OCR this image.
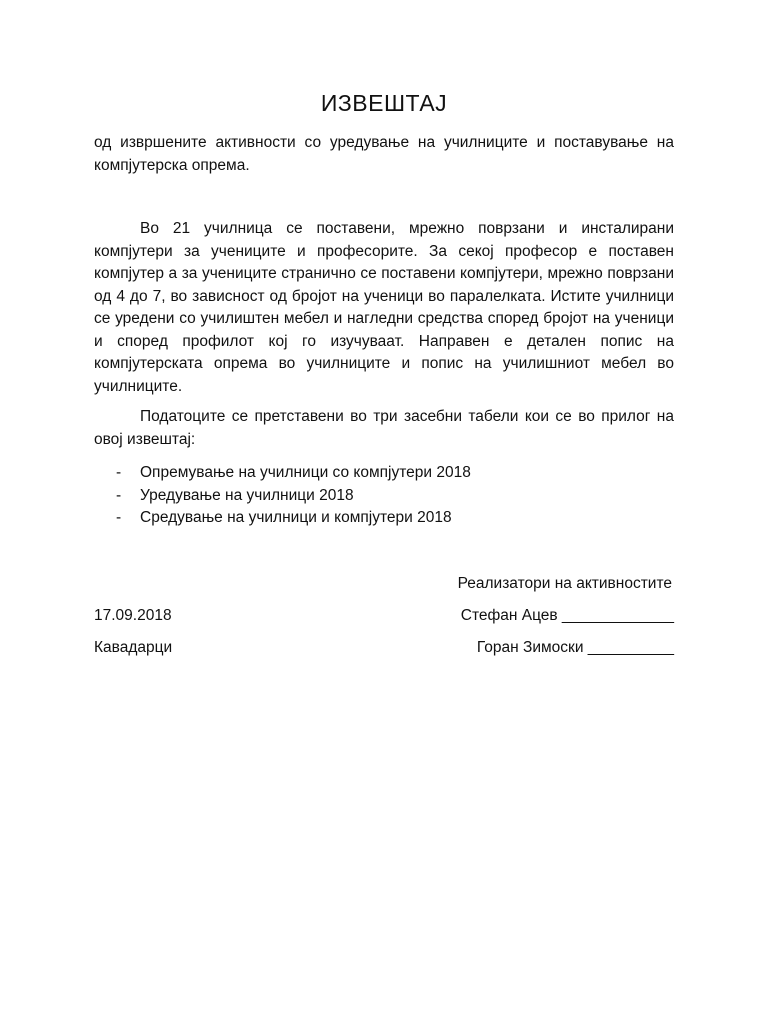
ИЗВЕШТАЈ
од извршените активности со уредување на училниците и поставување на компјутерска опрема.
Во 21 училница се поставени, мрежно поврзани и инсталирани компјутери за учениците и професорите. За секој професор е поставен компјутер а за учениците странично се поставени компјутери, мрежно поврзани од 4 до 7, во зависност од бројот на ученици во паралелката. Истите училници се уредени со училиштен мебел и нагледни средства според бројот на ученици и според профилот кој го изучуваат. Направен е детален попис на компјутерската опрема во училниците и попис на училишниот мебел во училниците.
Податоците се претставени во три засебни табели кои се во прилог на овој извештај:
- Опремување на училници со компјутери 2018
- Уредување на училници 2018
- Средување на училници и компјутери 2018
Реализатори на активностите
17.09.2018	Стефан Ацев _____________
Кавадарци	Горан Зимоски __________
